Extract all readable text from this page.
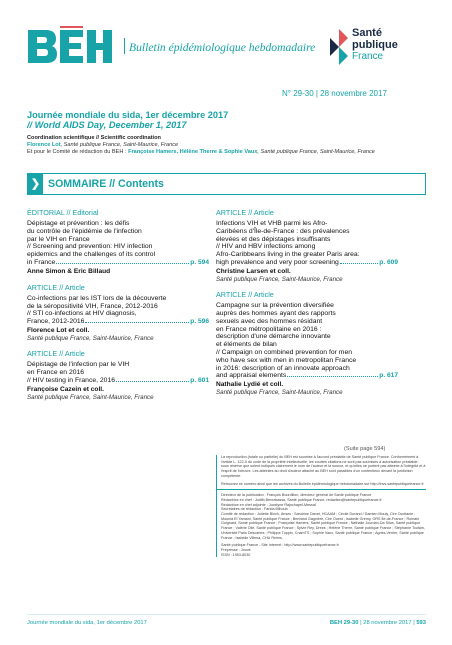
Bulletin épidémiologique hebdomadaire
Santé
publique
France
N° 29-30 | 28 novembre 2017
Journée mondiale du sida, 1er décembre 2017
// World AIDS Day, December 1, 2017
Coordination scientifique // Scientific coordination
Florence Lot, Santé publique France, Saint-Maurice, France
Et pour le Comité de rédaction du BEH : Françoise Hamers, Hélène Therre & Sophie Vaux, Santé publique France, Saint-Maurice, France
❯ SOMMAIRE // Contents
ÉDITORIAL // Editorial
Dépistage et prévention : les défis
du contrôle de l'épidémie de l'infection
par le VIH en France
// Screening and prevention: HIV infection
epidemics and the challenges of its control
in France	p. 594
Anne Simon & Eric Billaud
ARTICLE // Article
Co-infections par les IST lors de la découverte
de la séropositivité VIH, France, 2012-2016
// STI co-infections at HIV diagnosis,
France, 2012-2016	p. 596
Florence Lot et coll.
Santé publique France, Saint-Maurice, France
ARTICLE // Article
Dépistage de l'infection par le VIH
en France en 2016
// HIV testing in France, 2016	p. 601
Françoise Cazein et coll.
Santé publique France, Saint-Maurice, France
ARTICLE // Article
Infections VIH et VHB parmi les Afro-
Caribéens d'Île-de-France : des prévalences
élevées et des dépistages insuffisants
// HIV and HBV infections among
Afro-Caribbeans living in the greater Paris area:
high prevalence and very poor screening	p. 609
Christine Larsen et coll.
Santé publique France, Saint-Maurice, France
ARTICLE // Article
Campagne sur la prévention diversifiée
auprès des hommes ayant des rapports
sexuels avec des hommes résidant
en France métropolitaine en 2016 :
description d'une démarche innovante
et éléments de bilan
// Campaign on combined prevention for men
who have sex with men in metropolitan France
in 2016: description of an innovate approach
and appraisal elements	p. 617
Nathalie Lydié et coll.
Santé publique France, Saint-Maurice, France
(Suite page 594)
La reproduction (totale ou partielle) du BEH est soumise à l'accord préalable de Santé publique France. Conformément à l'article L. 122-5 du code de la propriété intellectuelle, les courtes citations ne sont pas soumises à autorisation préalable, sous réserve que soient indiqués clairement le nom de l'auteur et la source, et qu'elles ne portent pas atteinte à l'intégrité et à l'esprit de l'oeuvre. Les atteintes au droit d'auteur attaché au BEH sont passibles d'un contentieux devant la juridiction compétente.
Retrouvez ce numéro ainsi que les archives du Bulletin épidémiologique hebdomadaire sur http://invs.santepubliquefrance.fr
Directeur de la publication : François Bourdillon, directeur général de Santé publique France
Rédactrice en chef : Judith Benrekassa, Santé publique France, redaction@santepubliquefrance.fr
Rédactrice en chef adjointe : Jocelyne Rajnchapel-Messaï
Secrétaires de rédaction : Farida Mihoub
Comité de rédaction : Juliette Bloch, Anses ; Sandrine Danet, HCAAM ; Cécile Durand / Damien Mouly, Cire Occitanie ; Mounia El Yamani, Santé publique France ; Bertrand Gagnière, Cire Ouest ; Isabelle Grémy, ORS Île-de-France ; Romain Guignard, Santé publique France ; Françoise Hamers, Santé publique France ; Nathalie Jourdan-Da Silva, Santé publique France ; Valérie Olié, Santé publique France ; Sylvie Rey, Drees ; Hélène Therre, Santé publique France ; Stéphanie Toutain, Université Paris Descartes ; Philippe Tuppin, CnamTS ; Sophie Vaux, Santé publique France ; Agnès Verrier, Santé publique France ; Isabelle Villena, CHU Reims.
Santé publique France - Site Internet : http://www.santepubliquefrance.fr
Prépresse : Jouve
ISSN : 1953-8030
Journée mondiale du sida, 1er décembre 2017	BEH 29-30 | 28 novembre 2017 | 593
